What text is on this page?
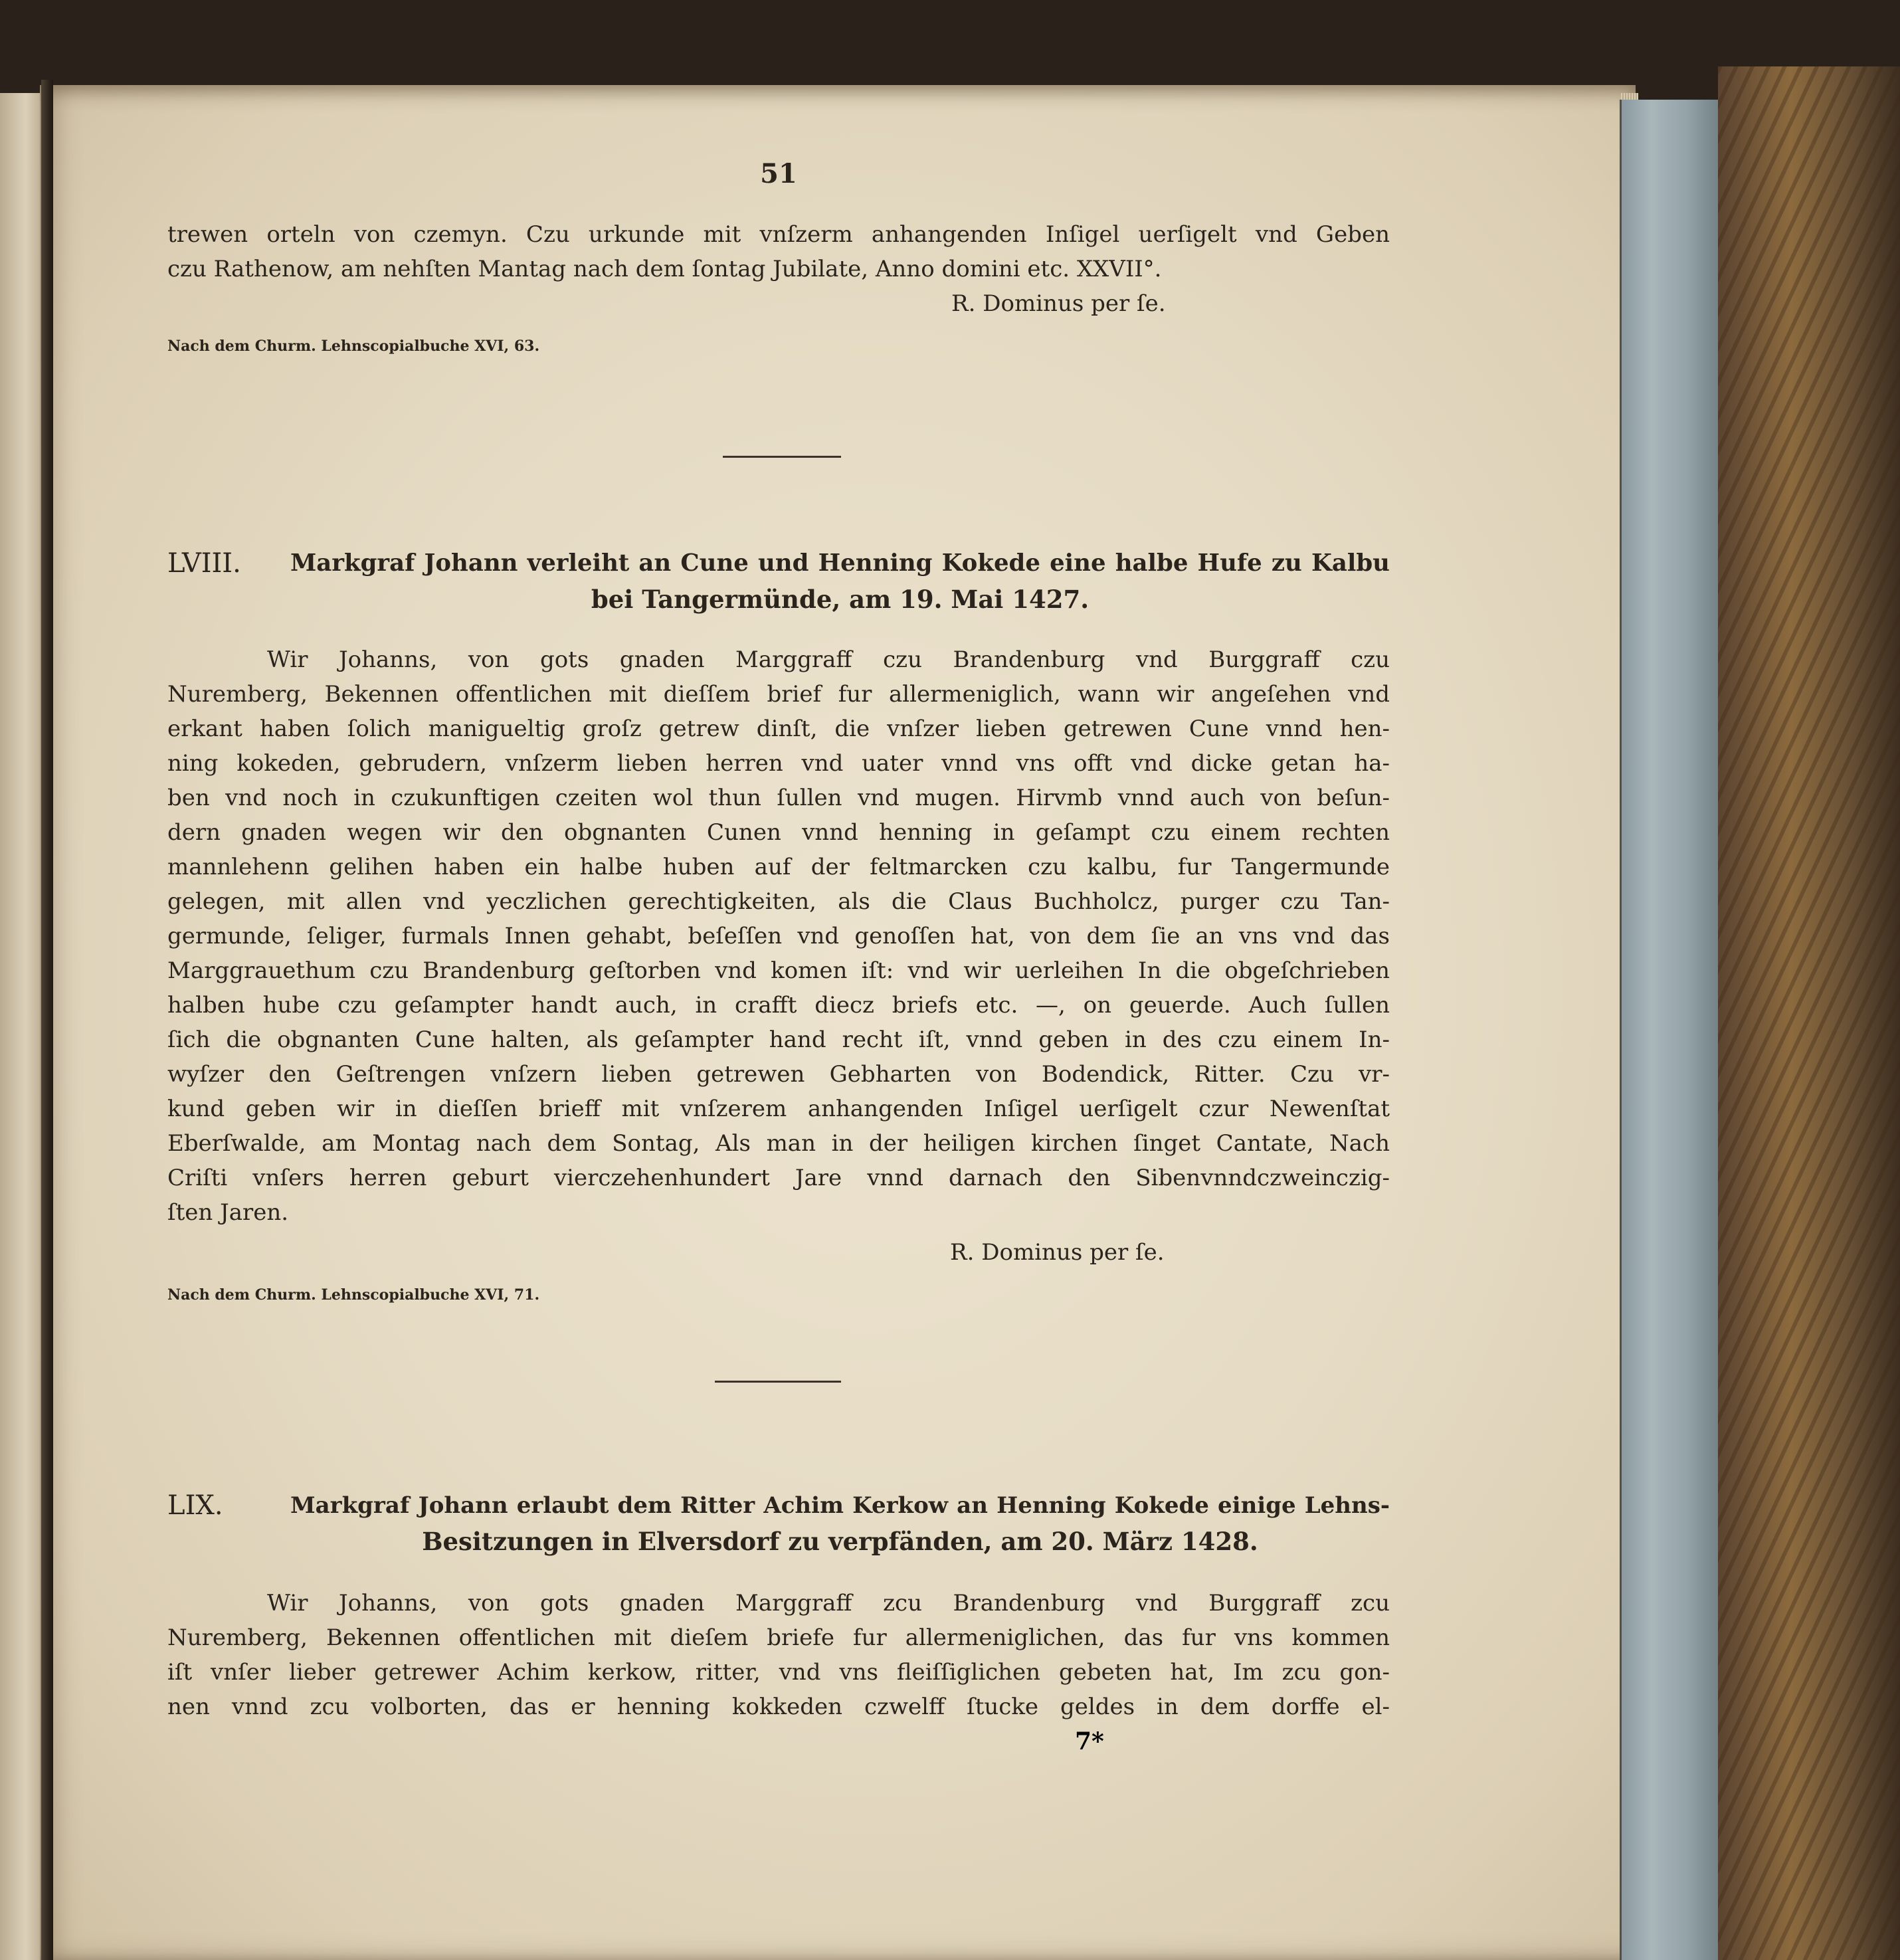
51
trewen orteln von czemyn. Czu urkunde mit vnſzerm anhangenden Inſigel uerſigelt vnd Geben
czu Rathenow, am nehſten Mantag nach dem ſontag Jubilate, Anno domini etc. XXVII°.
R. Dominus per ſe.
Nach dem Churm. Lehnscopialbuche XVI, 63.
LVIII. Markgraf Johann verleiht an Cune und Henning Kokede eine halbe Hufe zu Kalbu
bei Tangermünde, am 19. Mai 1427.
Wir Johanns, von gots gnaden Marggraff czu Brandenburg vnd Burggraff czu
Nuremberg, Bekennen offentlichen mit dieſſem brief fur allermeniglich, wann wir angeſehen vnd
erkant haben ſolich manigueltig groſz getrew dinſt, die vnſzer lieben getrewen Cune vnnd hen-
ning kokeden, gebrudern, vnſzerm lieben herren vnd uater vnnd vns offt vnd dicke getan ha-
ben vnd noch in czukunftigen czeiten wol thun ſullen vnd mugen. Hirvmb vnnd auch von beſun-
dern gnaden wegen wir den obgnanten Cunen vnnd henning in geſampt czu einem rechten
mannlehenn gelihen haben ein halbe huben auf der feltmarcken czu kalbu, fur Tangermunde
gelegen, mit allen vnd yeczlichen gerechtigkeiten, als die Claus Buchholcz, purger czu Tan-
germunde, ſeliger, furmals Innen gehabt, beſeſſen vnd genoſſen hat, von dem ſie an vns vnd das
Marggrauethum czu Brandenburg geſtorben vnd komen iſt: vnd wir uerleihen In die obgeſchrieben
halben hube czu geſampter handt auch, in crafft diecz briefs etc. —, on geuerde. Auch ſullen
ſich die obgnanten Cune halten, als geſampter hand recht iſt, vnnd geben in des czu einem In-
wyſzer den Geſtrengen vnſzern lieben getrewen Gebharten von Bodendick, Ritter. Czu vr-
kund geben wir in dieſſen brieff mit vnſzerem anhangenden Inſigel uerſigelt czur Newenſtat
Eberſwalde, am Montag nach dem Sontag, Als man in der heiligen kirchen ſinget Cantate, Nach
Criſti vnſers herren geburt vierczehenhundert Jare vnnd darnach den Sibenvnndczweinczig-
ſten Jaren.
R. Dominus per ſe.
Nach dem Churm. Lehnscopialbuche XVI, 71.
LIX.	Markgraf Johann erlaubt dem Ritter Achim Kerkow an Henning Kokede einige Lehns-
Besitzungen in Elversdorf zu verpfänden, am 20. März 1428.
Wir Johanns, von gots gnaden Marggraff zcu Brandenburg vnd Burggraff zcu
Nuremberg, Bekennen offentlichen mit dieſem briefe fur allermeniglichen, das fur vns kommen
iſt vnſer lieber getrewer Achim kerkow, ritter, vnd vns fleiſſiglichen gebeten hat, Im zcu gon-
nen vnnd zcu volborten, das er henning kokkeden czwelff ſtucke geldes in dem dorffe el-
7*
